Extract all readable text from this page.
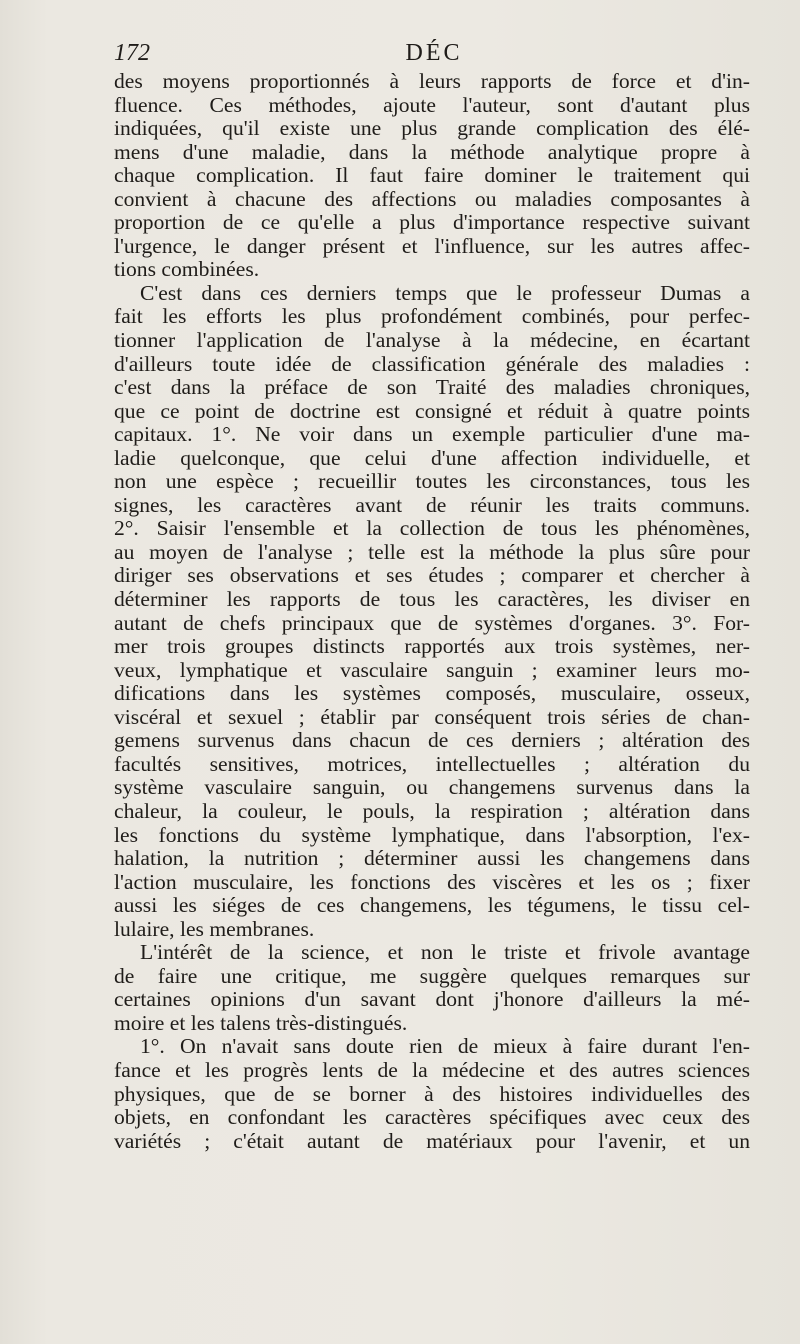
172	DÉC
des moyens proportionnés à leurs rapports de force et d'in-
fluence. Ces méthodes, ajoute l'auteur, sont d'autant plus
indiquées, qu'il existe une plus grande complication des élé-
mens d'une maladie, dans la méthode analytique propre à
chaque complication. Il faut faire dominer le traitement qui
convient à chacune des affections ou maladies composantes à
proportion de ce qu'elle a plus d'importance respective suivant
l'urgence, le danger présent et l'influence, sur les autres affec-
tions combinées.
C'est dans ces derniers temps que le professeur Dumas a
fait les efforts les plus profondément combinés, pour perfec-
tionner l'application de l'analyse à la médecine, en écartant
d'ailleurs toute idée de classification générale des maladies :
c'est dans la préface de son Traité des maladies chroniques,
que ce point de doctrine est consigné et réduit à quatre points
capitaux. 1°. Ne voir dans un exemple particulier d'une ma-
ladie quelconque, que celui d'une affection individuelle, et
non une espèce ; recueillir toutes les circonstances, tous les
signes, les caractères avant de réunir les traits communs.
2°. Saisir l'ensemble et la collection de tous les phénomènes,
au moyen de l'analyse ; telle est la méthode la plus sûre pour
diriger ses observations et ses études ; comparer et chercher à
déterminer les rapports de tous les caractères, les diviser en
autant de chefs principaux que de systèmes d'organes. 3°. For-
mer trois groupes distincts rapportés aux trois systèmes, ner-
veux, lymphatique et vasculaire sanguin ; examiner leurs mo-
difications dans les systèmes composés, musculaire, osseux,
viscéral et sexuel ; établir par conséquent trois séries de chan-
gemens survenus dans chacun de ces derniers ; altération des
facultés sensitives, motrices, intellectuelles ; altération du
système vasculaire sanguin, ou changemens survenus dans la
chaleur, la couleur, le pouls, la respiration ; altération dans
les fonctions du système lymphatique, dans l'absorption, l'ex-
halation, la nutrition ; déterminer aussi les changemens dans
l'action musculaire, les fonctions des viscères et les os ; fixer
aussi les siéges de ces changemens, les tégumens, le tissu cel-
lulaire, les membranes.
L'intérêt de la science, et non le triste et frivole avantage
de faire une critique, me suggère quelques remarques sur
certaines opinions d'un savant dont j'honore d'ailleurs la mé-
moire et les talens très-distingués.
1°. On n'avait sans doute rien de mieux à faire durant l'en-
fance et les progrès lents de la médecine et des autres sciences
physiques, que de se borner à des histoires individuelles des
objets, en confondant les caractères spécifiques avec ceux des
variétés ; c'était autant de matériaux pour l'avenir, et un
